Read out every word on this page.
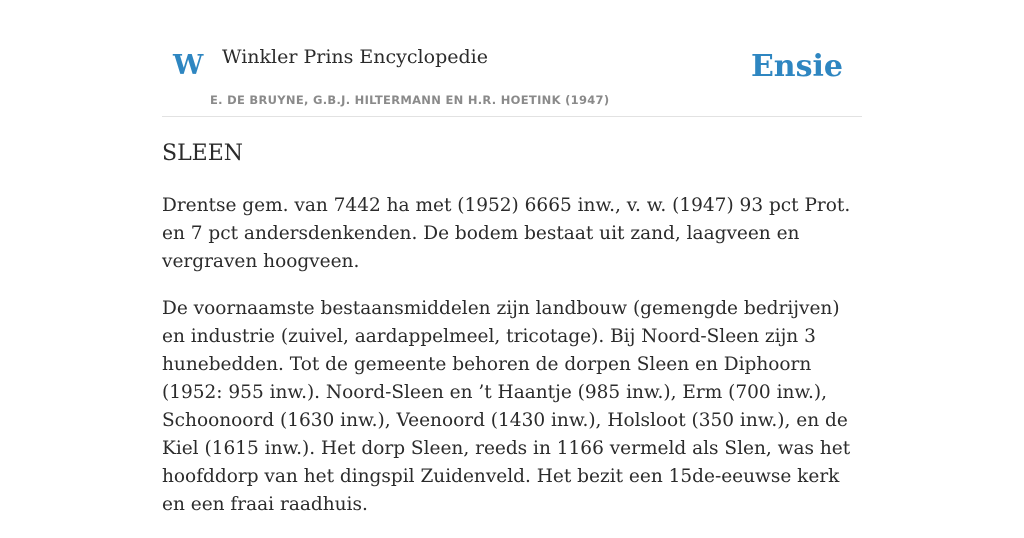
W Winkler Prins Encyclopedie
E. DE BRUYNE, G.B.J. HILTERMANN EN H.R. HOETINK (1947)
Ensie
SLEEN

Drentse gem. van 7442 ha met (1952) 6665 inw., v. w. (1947) 93 pct Prot. en 7 pct andersdenkenden. De bodem bestaat uit zand, laagveen en vergraven hoogveen.

De voornaamste bestaansmiddelen zijn landbouw (gemengde bedrijven) en industrie (zuivel, aardappelmeel, tricotage). Bij Noord-Sleen zijn 3 hunebedden. Tot de gemeente behoren de dorpen Sleen en Diphoorn (1952: 955 inw.). Noord-Sleen en ’t Haantje (985 inw.), Erm (700 inw.), Schoonoord (1630 inw.), Veenoord (1430 inw.), Holsloot (350 inw.), en de Kiel (1615 inw.). Het dorp Sleen, reeds in 1166 vermeld als Slen, was het hoofddorp van het dingspil Zuidenveld. Het bezit een 15de-eeuwse kerk en een fraai raadhuis.
